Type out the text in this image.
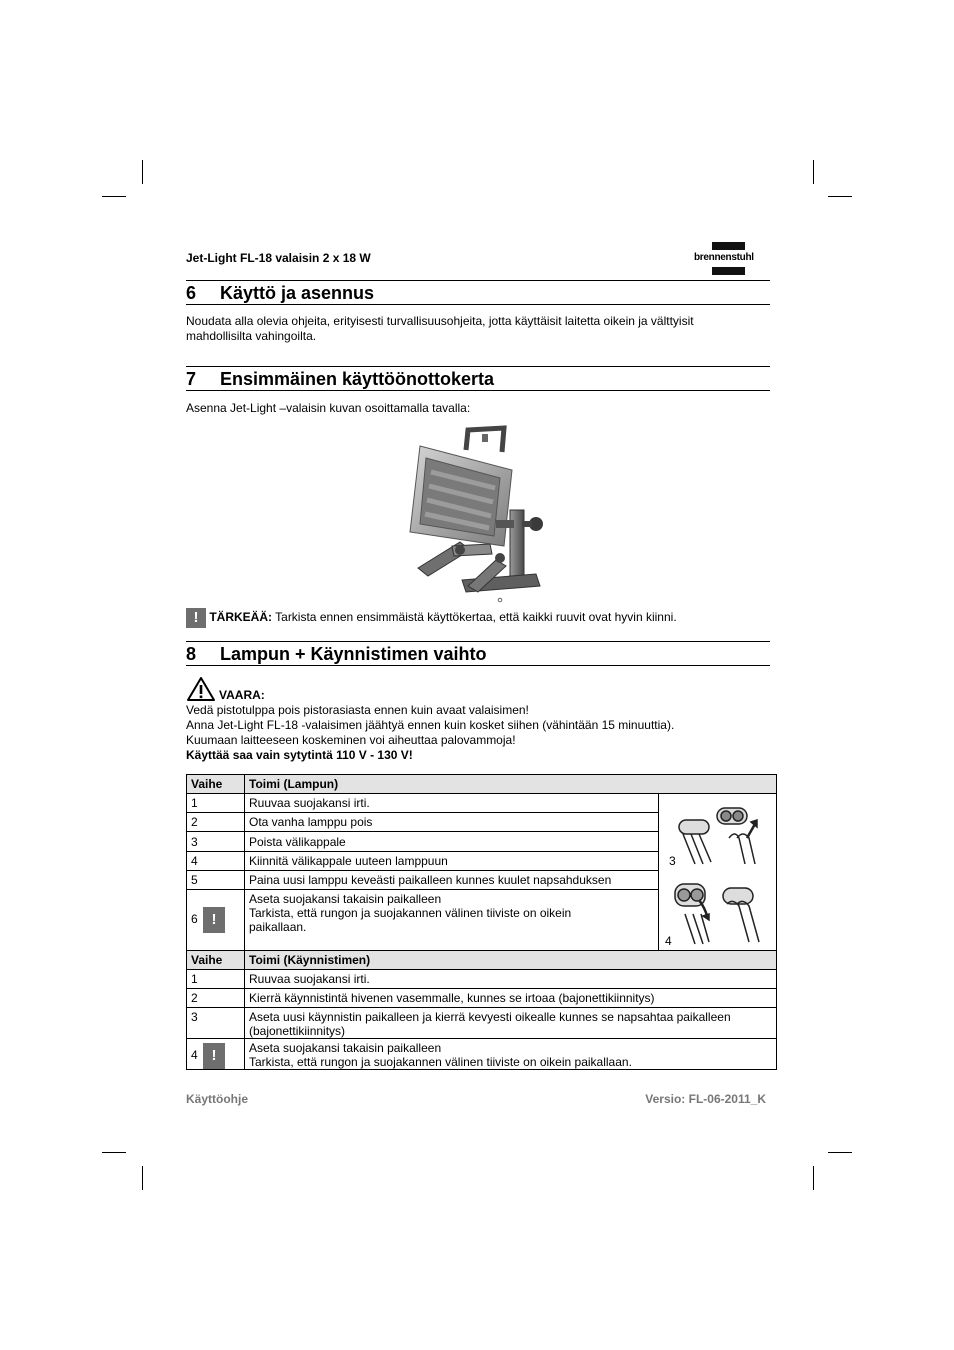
Jet-Light FL-18 valaisin 2 x 18 W	brennenstuhl
6 Käyttö ja asennus
Noudata alla olevia ohjeita, erityisesti turvallisuusohjeita, jotta käyttäisit laitetta oikein ja välttyisit
mahdollisilta vahingoilta.
7 Ensimmäinen käyttöönottokerta
Asenna Jet-Light –valaisin kuvan osoittamalla tavalla:
! TÄRKEÄÄ: Tarkista ennen ensimmäistä käyttökertaa, että kaikki ruuvit ovat hyvin kiinni.
8 Lampun + Käynnistimen vaihto
VAARA:
Vedä pistotulppa pois pistorasiasta ennen kuin avaat valaisimen!
Anna Jet-Light FL-18 -valaisimen jäähtyä ennen kuin kosket siihen (vähintään 15 minuuttia).
Kuumaan laitteeseen koskeminen voi aiheuttaa palovammoja!
Käyttää saa vain sytytintä 110 V - 130 V!
Vaihe	Toimi (Lampun)	
1	Ruuvaa suojakansi irti.	3
4

2	Ota vanha lamppu pois	
3	Poista välikappale	
4	Kiinnitä välikappale uuteen lamppuun	
5	Paina uusi lamppu keveästi paikalleen kunnes kuulet napsahduksen	
6 !	Aseta suojakansi takaisin paikalleen
Tarkista, että rungon ja suojakannen välinen tiiviste on oikein
paikallaan.	

Vaihe	Toimi (Käynnistimen)	
1	Ruuvaa suojakansi irti.	
2	Kierrä käynnistintä hivenen vasemmalle, kunnes se irtoaa (bajonettikiinnitys)	
3	Aseta uusi käynnistin paikalleen ja kierrä kevyesti oikealle kunnes se napsahtaa paikalleen
(bajonettikiinnitys)	

4 !	Aseta suojakansi takaisin paikalleen
Tarkista, että rungon ja suojakannen välinen tiiviste on oikein paikallaan.	
Käyttöohje	Versio: FL-06-2011_K
